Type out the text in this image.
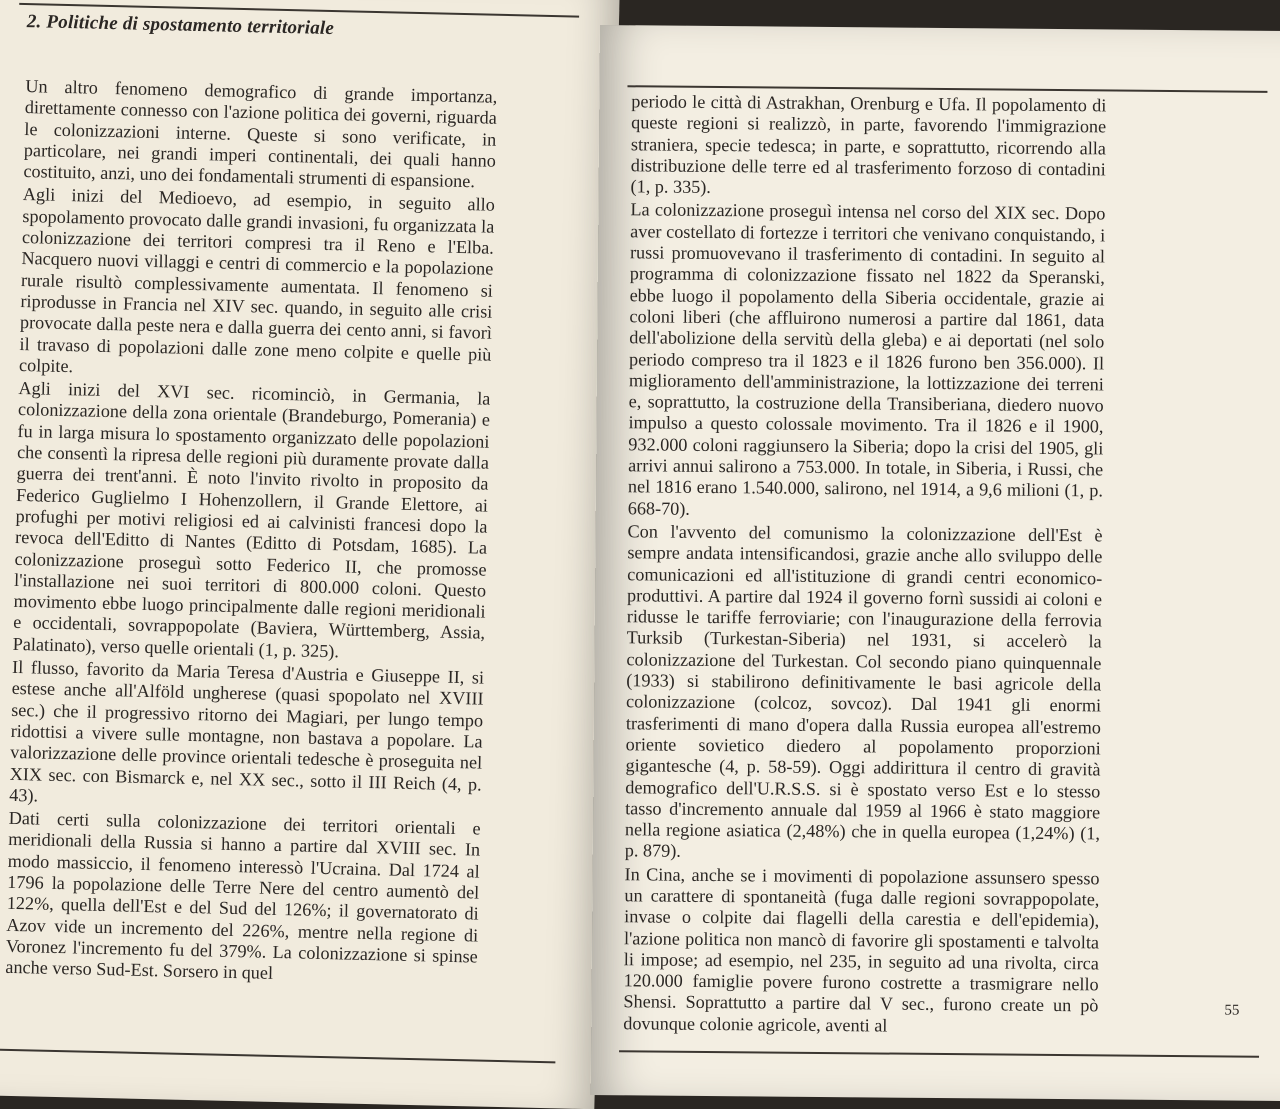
2. Politiche di spostamento territoriale

Un altro fenomeno demografico di grande importanza, direttamente connesso con l'azione politica dei governi, riguarda le colonizzazioni interne. Queste si sono verificate, in particolare, nei grandi imperi continentali, dei quali hanno costituito, anzi, uno dei fondamentali strumenti di espansione.

Agli inizi del Medioevo, ad esempio, in seguito allo spopolamento provocato dalle grandi invasioni, fu organizzata la colonizzazione dei territori compresi tra il Reno e l'Elba. Nacquero nuovi villaggi e centri di commercio e la popolazione rurale risultò complessivamente aumentata. Il fenomeno si riprodusse in Francia nel XIV sec. quando, in seguito alle crisi provocate dalla peste nera e dalla guerra dei cento anni, si favorì il travaso di popolazioni dalle zone meno colpite e quelle più colpite.

Agli inizi del XVI sec. ricominciò, in Germania, la colonizzazione della zona orientale (Brandeburgo, Pomerania) e fu in larga misura lo spostamento organizzato delle popolazioni che consentì la ripresa delle regioni più duramente provate dalla guerra dei trent'anni. È noto l'invito rivolto in proposito da Federico Guglielmo I Hohenzollern, il Grande Elettore, ai profughi per motivi religiosi ed ai calvinisti francesi dopo la revoca dell'Editto di Nantes (Editto di Potsdam, 1685). La colonizzazione proseguì sotto Federico II, che promosse l'installazione nei suoi territori di 800.000 coloni. Questo movimento ebbe luogo principalmente dalle regioni meridionali e occidentali, sovrappopolate (Baviera, Württemberg, Assia, Palatinato), verso quelle orientali (1, p. 325).

Il flusso, favorito da Maria Teresa d'Austria e Giuseppe II, si estese anche all'Alföld ungherese (quasi spopolato nel XVIII sec.) che il progressivo ritorno dei Magiari, per lungo tempo ridottisi a vivere sulle montagne, non bastava a popolare. La valorizzazione delle province orientali tedesche è proseguita nel XIX sec. con Bismarck e, nel XX sec., sotto il III Reich (4, p. 43).

Dati certi sulla colonizzazione dei territori orientali e meridionali della Russia si hanno a partire dal XVIII sec. In modo massiccio, il fenomeno interessò l'Ucraina. Dal 1724 al 1796 la popolazione delle Terre Nere del centro aumentò del 122%, quella dell'Est e del Sud del 126%; il governatorato di Azov vide un incremento del 226%, mentre nella regione di Voronez l'incremento fu del 379%. La colonizzazione si spinse anche verso Sud-Est. Sorsero in quel

periodo le città di Astrakhan, Orenburg e Ufa. Il popolamento di queste regioni si realizzò, in parte, favorendo l'immigrazione straniera, specie tedesca; in parte, e soprattutto, ricorrendo alla distribuzione delle terre ed al trasferimento forzoso di contadini (1, p. 335).

La colonizzazione proseguì intensa nel corso del XIX sec. Dopo aver costellato di fortezze i territori che venivano conquistando, i russi promuovevano il trasferimento di contadini. In seguito al programma di colonizzazione fissato nel 1822 da Speranski, ebbe luogo il popolamento della Siberia occidentale, grazie ai coloni liberi (che affluirono numerosi a partire dal 1861, data dell'abolizione della servitù della gleba) e ai deportati (nel solo periodo compreso tra il 1823 e il 1826 furono ben 356.000). Il miglioramento dell'amministrazione, la lottizzazione dei terreni e, soprattutto, la costruzione della Transiberiana, diedero nuovo impulso a questo colossale movimento. Tra il 1826 e il 1900, 932.000 coloni raggiunsero la Siberia; dopo la crisi del 1905, gli arrivi annui salirono a 753.000. In totale, in Siberia, i Russi, che nel 1816 erano 1.540.000, salirono, nel 1914, a 9,6 milioni (1, p. 668-70).

Con l'avvento del comunismo la colonizzazione dell'Est è sempre andata intensificandosi, grazie anche allo sviluppo delle comunicazioni ed all'istituzione di grandi centri economico-produttivi. A partire dal 1924 il governo fornì sussidi ai coloni e ridusse le tariffe ferroviarie; con l'inaugurazione della ferrovia Turksib (Turkestan-Siberia) nel 1931, si accelerò la colonizzazione del Turkestan. Col secondo piano quinquennale (1933) si stabilirono definitivamente le basi agricole della colonizzazione (colcoz, sovcoz). Dal 1941 gli enormi trasferimenti di mano d'opera dalla Russia europea all'estremo oriente sovietico diedero al popolamento proporzioni gigantesche (4, p. 58-59). Oggi addirittura il centro di gravità demografico dell'U.R.S.S. si è spostato verso Est e lo stesso tasso d'incremento annuale dal 1959 al 1966 è stato maggiore nella regione asiatica (2,48%) che in quella europea (1,24%) (1, p. 879).

In Cina, anche se i movimenti di popolazione assunsero spesso un carattere di spontaneità (fuga dalle regioni sovrappopolate, invase o colpite dai flagelli della carestia e dell'epidemia), l'azione politica non mancò di favorire gli spostamenti e talvolta li impose; ad esempio, nel 235, in seguito ad una rivolta, circa 120.000 famiglie povere furono costrette a trasmigrare nello Shensi. Soprattutto a partire dal V sec., furono create un pò dovunque colonie agricole, aventi al

55
